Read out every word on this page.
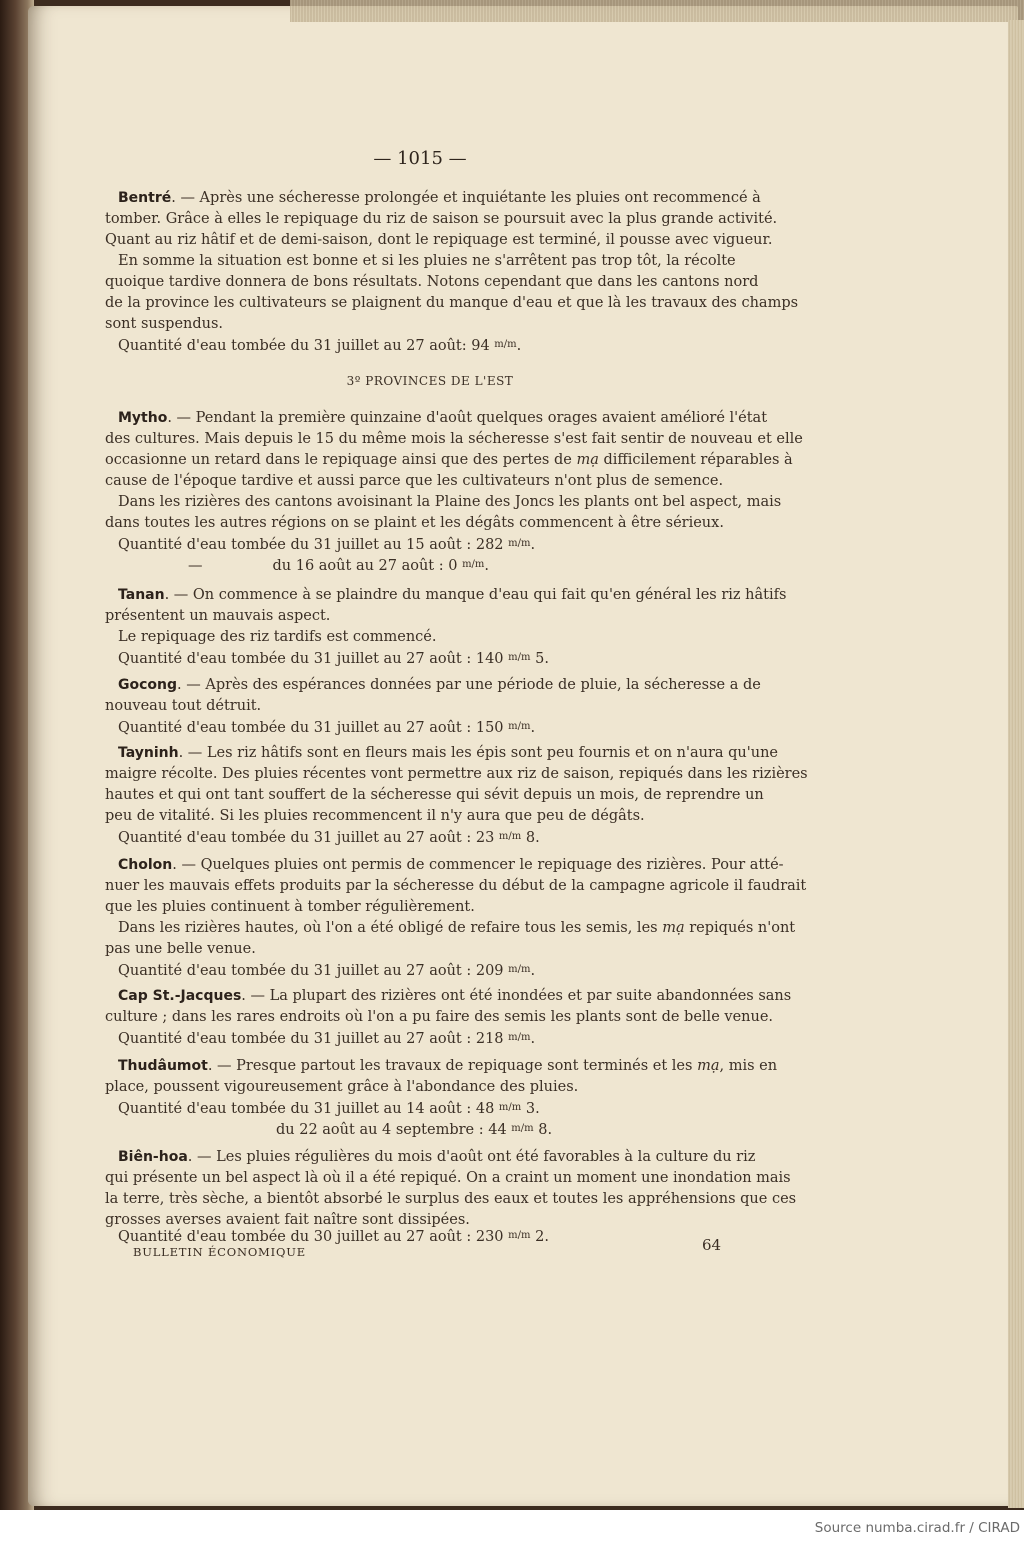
— 1015 —
Bentré. — Après une sécheresse prolongée et inquiétante les pluies ont recommencé à
tomber. Grâce à elles le repiquage du riz de saison se poursuit avec la plus grande activité.
Quant au riz hâtif et de demi-saison, dont le repiquage est terminé, il pousse avec vigueur.
En somme la situation est bonne et si les pluies ne s'arrêtent pas trop tôt, la récolte
quoique tardive donnera de bons résultats. Notons cependant que dans les cantons nord
de la province les cultivateurs se plaignent du manque d'eau et que là les travaux des champs
sont suspendus.
Quantité d'eau tombée du 31 juillet au 27 août: 94 $^{m/m}$.
3º PROVINCES DE L'EST
Mytho. — Pendant la première quinzaine d'août quelques orages avaient amélioré l'état
des cultures. Mais depuis le 15 du même mois la sécheresse s'est fait sentir de nouveau et elle
occasionne un retard dans le repiquage ainsi que des pertes de mạ difficilement réparables à
cause de l'époque tardive et aussi parce que les cultivateurs n'ont plus de semence.
Dans les rizières des cantons avoisinant la Plaine des Joncs les plants ont bel aspect, mais
dans toutes les autres régions on se plaint et les dégâts commencent à être sérieux.
Quantité d'eau tombée du 31 juillet au 15 août : 282 $^{m/m}$.
—	du 16 août au 27 août : 0 $^{m/m}$.
Tanan. — On commence à se plaindre du manque d'eau qui fait qu'en général les riz hâtifs
présentent un mauvais aspect.
Le repiquage des riz tardifs est commencé.
Quantité d'eau tombée du 31 juillet au 27 août : 140 $^{m/m}$ 5.
Gocong. — Après des espérances données par une période de pluie, la sécheresse a de
nouveau tout détruit.
Quantité d'eau tombée du 31 juillet au 27 août : 150 $^{m/m}$.
Tayninh. — Les riz hâtifs sont en fleurs mais les épis sont peu fournis et on n'aura qu'une
maigre récolte. Des pluies récentes vont permettre aux riz de saison, repiqués dans les rizières
hautes et qui ont tant souffert de la sécheresse qui sévit depuis un mois, de reprendre un
peu de vitalité. Si les pluies recommencent il n'y aura que peu de dégâts.
Quantité d'eau tombée du 31 juillet au 27 août : 23 $^{m/m}$ 8.
Cholon. — Quelques pluies ont permis de commencer le repiquage des rizières. Pour atté-
nuer les mauvais effets produits par la sécheresse du début de la campagne agricole il faudrait
que les pluies continuent à tomber régulièrement.
Dans les rizières hautes, où l'on a été obligé de refaire tous les semis, les mạ repiqués n'ont
pas une belle venue.
Quantité d'eau tombée du 31 juillet au 27 août : 209 $^{m/m}$.
Cap St.-Jacques. — La plupart des rizières ont été inondées et par suite abandonnées sans
culture ; dans les rares endroits où l'on a pu faire des semis les plants sont de belle venue.
Quantité d'eau tombée du 31 juillet au 27 août : 218 $^{m/m}$.
Thudâumot. — Presque partout les travaux de repiquage sont terminés et les mạ, mis en
place, poussent vigoureusement grâce à l'abondance des pluies.
Quantité d'eau tombée du 31 juillet au 14 août : 48 $^{m/m}$ 3.
du 22 août au 4 septembre : 44 $^{m/m}$ 8.
Biên-hoa. — Les pluies régulières du mois d'août ont été favorables à la culture du riz
qui présente un bel aspect là où il a été repiqué. On a craint un moment une inondation mais
la terre, très sèche, a bientôt absorbé le surplus des eaux et toutes les appréhensions que ces
grosses averses avaient fait naître sont dissipées.
Quantité d'eau tombée du 30 juillet au 27 août : 230 $^{m/m}$ 2.
BULLETIN ÉCONOMIQUE	64
Source numba.cirad.fr / CIRAD
